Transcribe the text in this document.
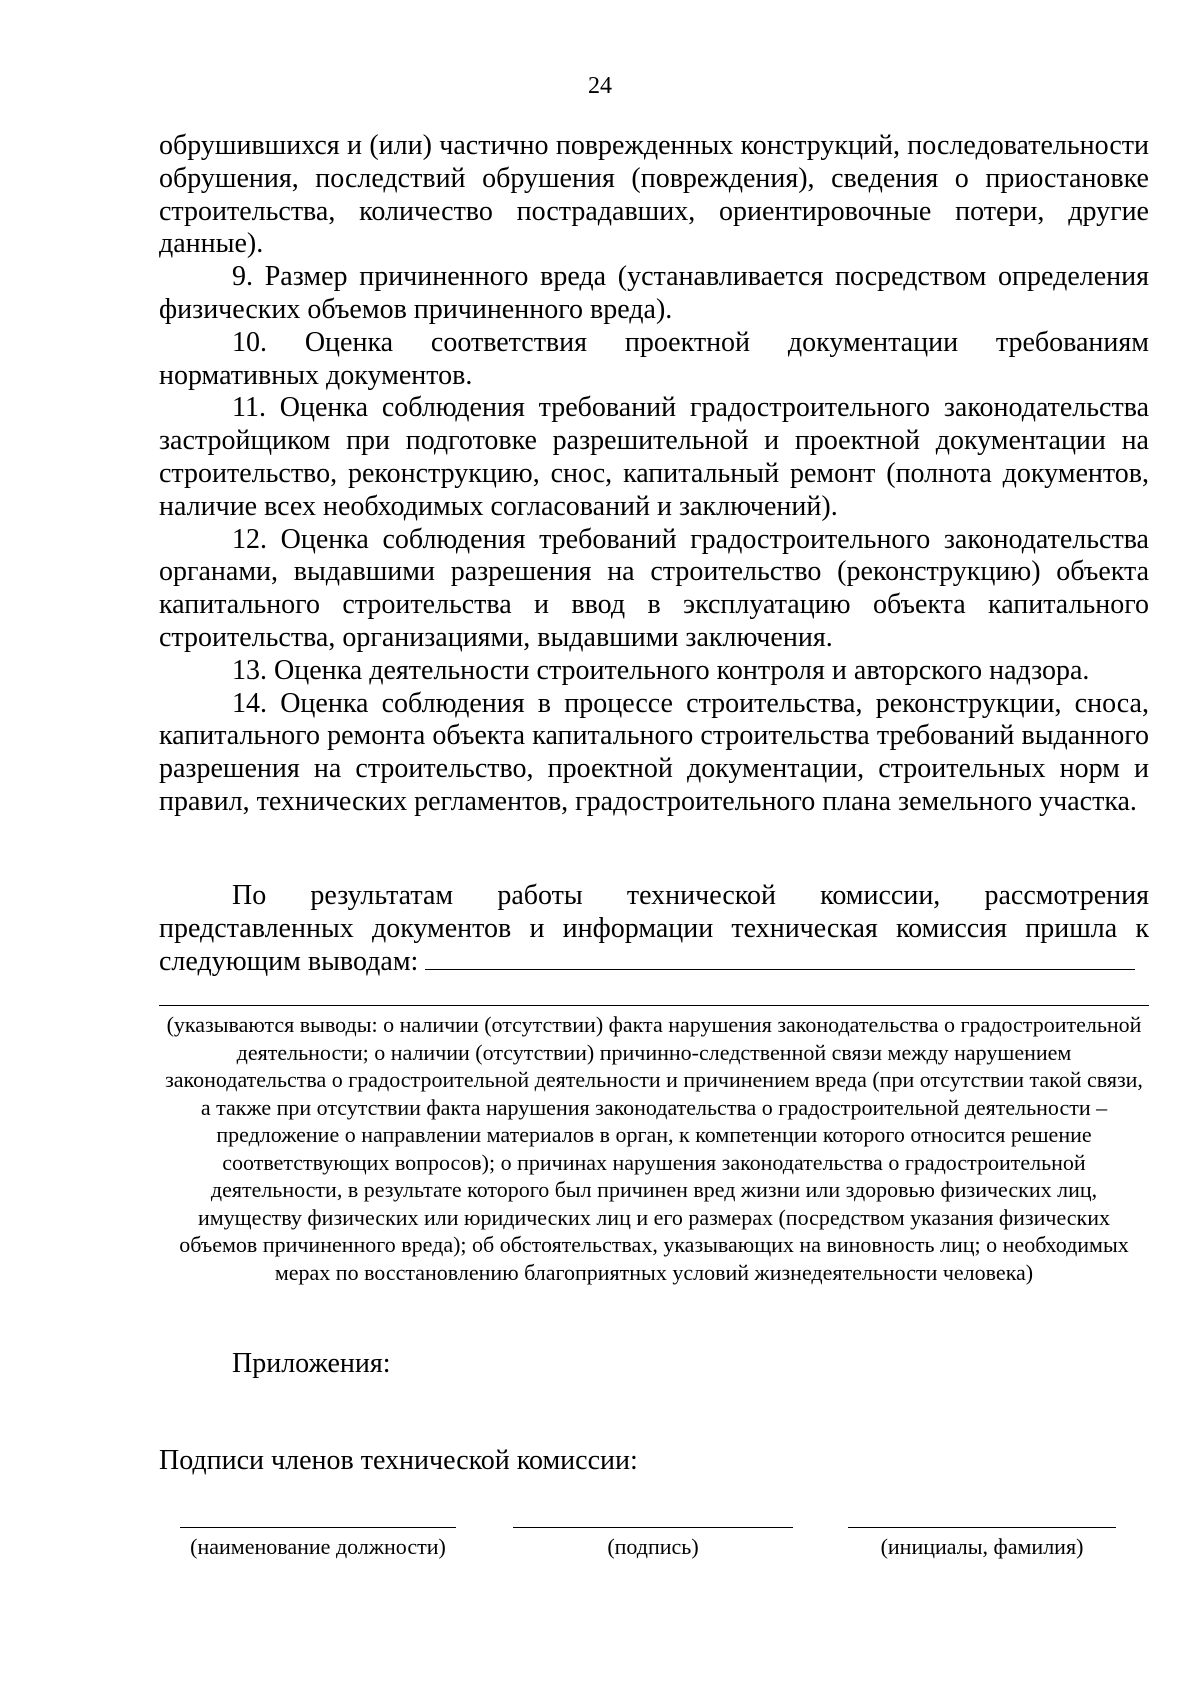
24

обрушившихся и (или) частично поврежденных конструкций, последовательности обрушения, последствий обрушения (повреждения), сведения о приостановке строительства, количество пострадавших, ориентировочные потери, другие данные).

9. Размер причиненного вреда (устанавливается посредством определения физических объемов причиненного вреда).

10. Оценка соответствия проектной документации требованиям нормативных документов.

11. Оценка соблюдения требований градостроительного законодательства застройщиком при подготовке разрешительной и проектной документации на строительство, реконструкцию, снос, капитальный ремонт (полнота документов, наличие всех необходимых согласований и заключений).

12. Оценка соблюдения требований градостроительного законодательства органами, выдавшими разрешения на строительство (реконструкцию) объекта капитального строительства и ввод в эксплуатацию объекта капитального строительства, организациями, выдавшими заключения.

13. Оценка деятельности строительного контроля и авторского надзора.

14. Оценка соблюдения в процессе строительства, реконструкции, сноса, капитального ремонта объекта капитального строительства требований выданного разрешения на строительство, проектной документации, строительных норм и правил, технических регламентов, градостроительного плана земельного участка.

По результатам работы технической комиссии, рассмотрения представленных документов и информации техническая комиссия пришла к следующим выводам:

(указываются выводы: о наличии (отсутствии) факта нарушения законодательства о градостроительной деятельности; о наличии (отсутствии) причинно-следственной связи между нарушением законодательства о градостроительной деятельности и причинением вреда (при отсутствии такой связи, а также при отсутствии факта нарушения законодательства о градостроительной деятельности – предложение о направлении материалов в орган, к компетенции которого относится решение соответствующих вопросов); о причинах нарушения законодательства о градостроительной деятельности, в результате которого был причинен вред жизни или здоровью физических лиц, имуществу физических или юридических лиц и его размерах (посредством указания физических объемов причиненного вреда); об обстоятельствах, указывающих на виновность лиц; о необходимых мерах по восстановлению благоприятных условий жизнедеятельности человека)
Приложения:
Подписи членов технической комиссии:
(наименование должности)	(подпись)	(инициалы, фамилия)
